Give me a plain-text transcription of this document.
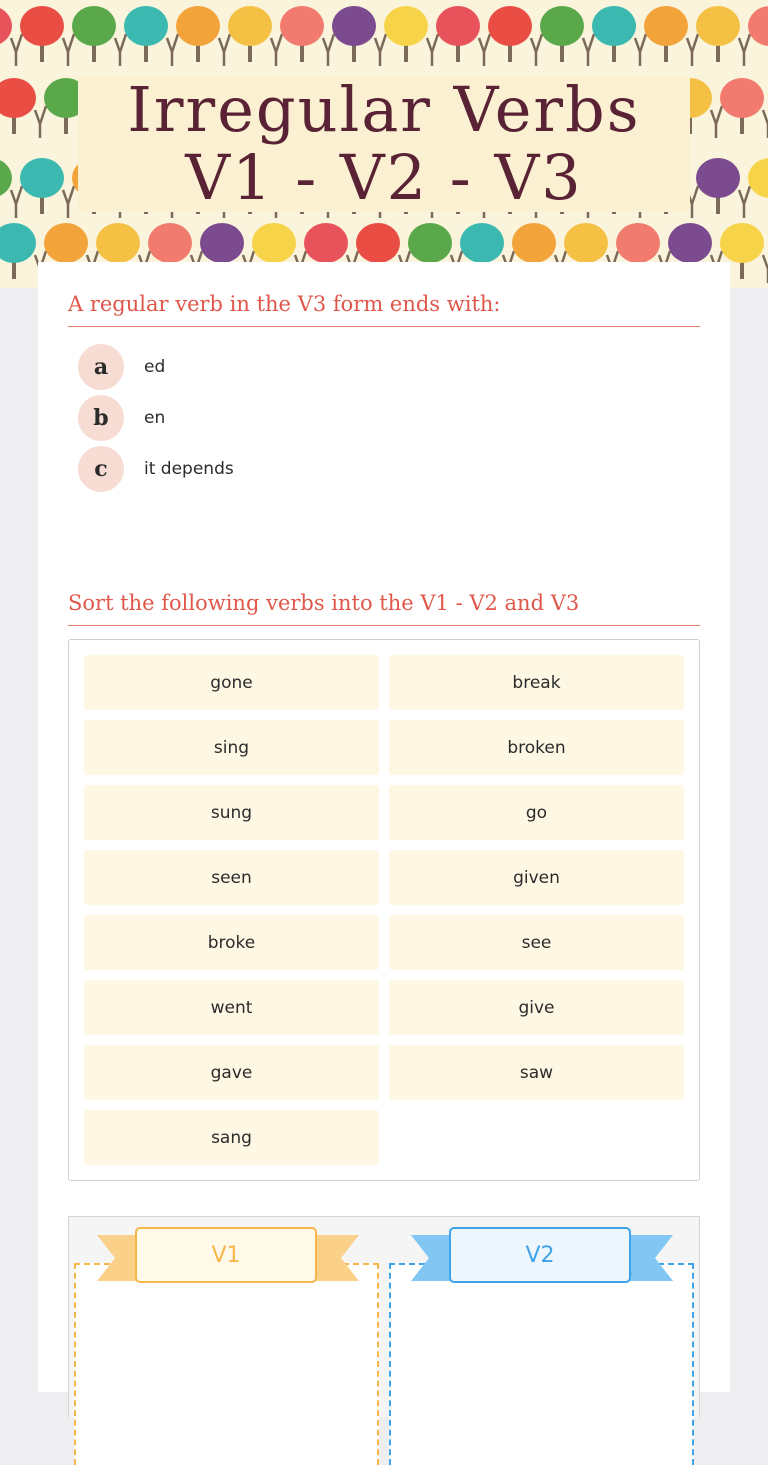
Irregular Verbs V1 - V2 - V3
A regular verb in the V3 form ends with:
a	ed
b	en
c	it depends
Sort the following verbs into the V1 - V2 and V3
gone
sing
sung
seen
broke
went
gave
sang
break
broken
go
given
see
give
saw
V1	V2
